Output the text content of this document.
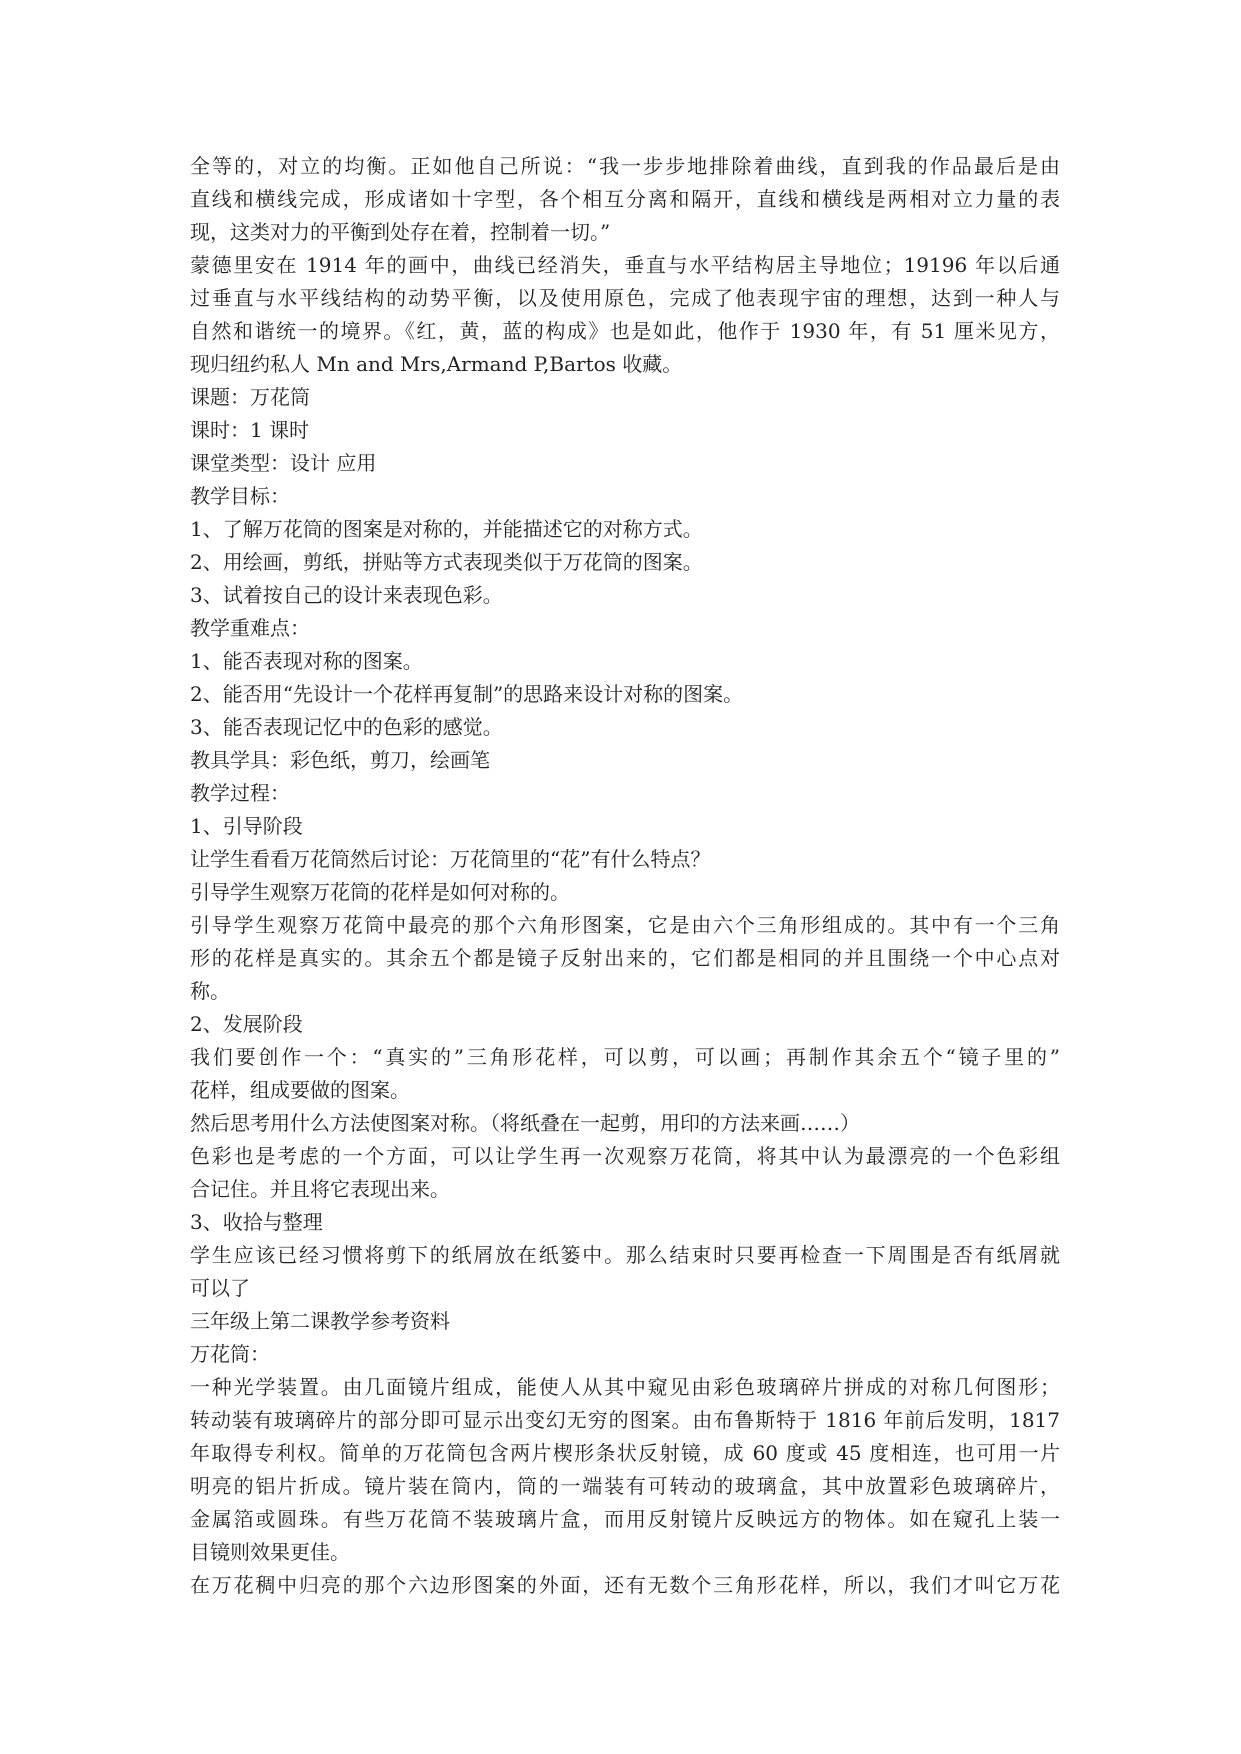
全等的，对立的均衡。正如他自己所说：“我一步步地排除着曲线，直到我的作品最后是由

直线和横线完成，形成诸如十字型，各个相互分离和隔开，直线和横线是两相对立力量的表

现，这类对力的平衡到处存在着，控制着一切。”

蒙德里安在 1914 年的画中，曲线已经消失，垂直与水平结构居主导地位；19196 年以后通

过垂直与水平线结构的动势平衡，以及使用原色，完成了他表现宇宙的理想，达到一种人与

自然和谐统一的境界。《红，黄，蓝的构成》也是如此，他作于 1930 年，有 51 厘米见方，

现归纽约私人 Mn and Mrs,Armand P,Bartos 收藏。

课题：万花筒

课时：1 课时

课堂类型：设计 应用

教学目标：

1、了解万花筒的图案是对称的，并能描述它的对称方式。

2、用绘画，剪纸，拼贴等方式表现类似于万花筒的图案。

3、试着按自己的设计来表现色彩。

教学重难点：

1、能否表现对称的图案。

2、能否用“先设计一个花样再复制”的思路来设计对称的图案。

3、能否表现记忆中的色彩的感觉。

教具学具：彩色纸，剪刀，绘画笔

教学过程：

1、引导阶段

让学生看看万花筒然后讨论：万花筒里的“花”有什么特点？

引导学生观察万花筒的花样是如何对称的。

引导学生观察万花筒中最亮的那个六角形图案，它是由六个三角形组成的。其中有一个三角

形的花样是真实的。其余五个都是镜子反射出来的，它们都是相同的并且围绕一个中心点对

称。

2、发展阶段

我们要创作一个：“真实的”三角形花样，可以剪，可以画；再制作其余五个“镜子里的”

花样，组成要做的图案。

然后思考用什么方法使图案对称。（将纸叠在一起剪，用印的方法来画……）

色彩也是考虑的一个方面，可以让学生再一次观察万花筒，将其中认为最漂亮的一个色彩组

合记住。并且将它表现出来。

3、收拾与整理

学生应该已经习惯将剪下的纸屑放在纸篓中。那么结束时只要再检查一下周围是否有纸屑就

可以了

三年级上第二课教学参考资料

万花筒：

一种光学装置。由几面镜片组成，能使人从其中窥见由彩色玻璃碎片拼成的对称几何图形；

转动装有玻璃碎片的部分即可显示出变幻无穷的图案。由布鲁斯特于 1816 年前后发明，1817

年取得专利权。简单的万花筒包含两片楔形条状反射镜，成 60 度或 45 度相连，也可用一片

明亮的铝片折成。镜片装在筒内，筒的一端装有可转动的玻璃盒，其中放置彩色玻璃碎片，

金属箔或圆珠。有些万花筒不装玻璃片盒，而用反射镜片反映远方的物体。如在窥孔上装一

目镜则效果更佳。

在万花稠中归亮的那个六边形图案的外面，还有无数个三角形花样，所以，我们才叫它万花
